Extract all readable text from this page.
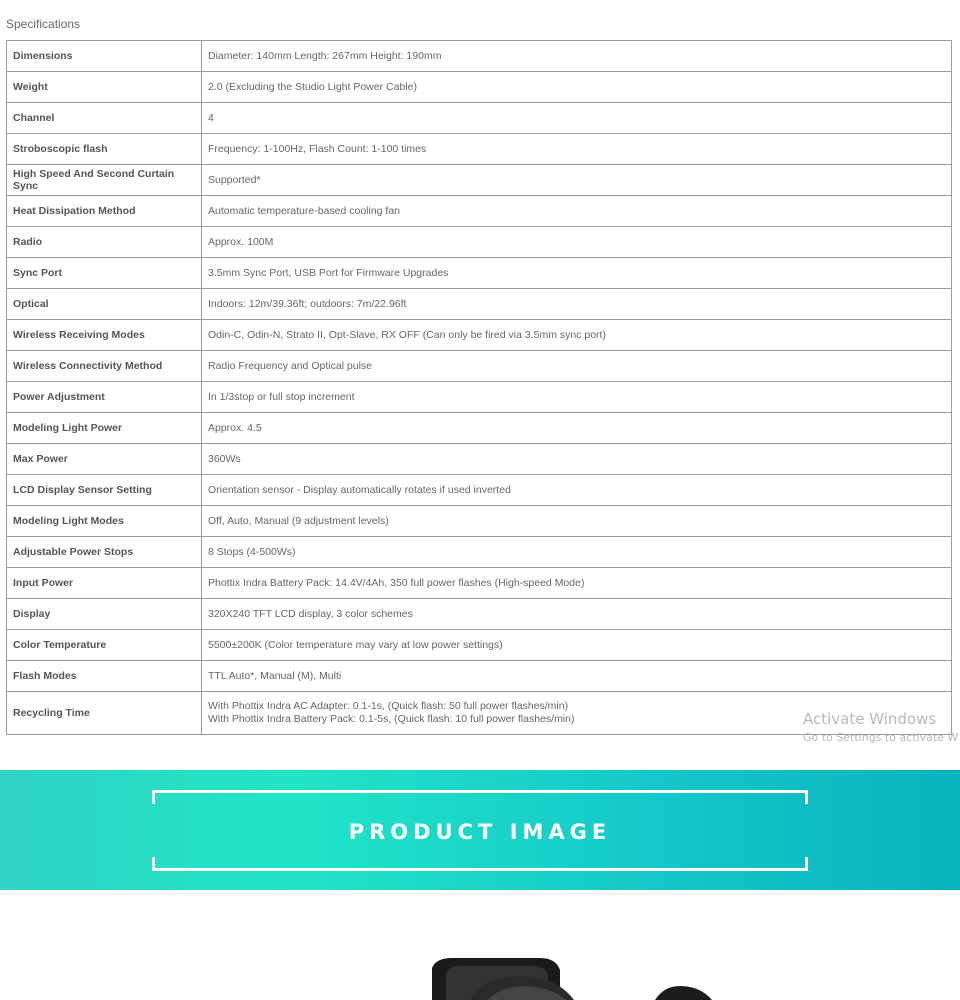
Specifications
Dimensions	Diameter: 140mm Length: 267mm Height: 190mm
Weight	2.0 (Excluding the Studio Light Power Cable)
Channel	4
Stroboscopic flash	Frequency: 1-100Hz, Flash Count: 1-100 times
High Speed And Second Curtain Sync	Supported*
Heat Dissipation Method	Automatic temperature-based cooling fan
Radio	Approx. 100M
Sync Port	3.5mm Sync Port, USB Port for Firmware Upgrades
Optical	Indoors: 12m/39.36ft; outdoors: 7m/22.96ft
Wireless Receiving Modes	Odin-C, Odin-N, Strato II, Opt-Slave, RX OFF (Can only be fired via 3.5mm sync port)
Wireless Connectivity Method	Radio Frequency and Optical pulse
Power Adjustment	In 1/3stop or full stop increment
Modeling Light Power	Approx. 4.5
Max Power	360Ws
LCD Display Sensor Setting	Orientation sensor - Display automatically rotates if used inverted
Modeling Light Modes	Off, Auto, Manual (9 adjustment levels)
Adjustable Power Stops	8 Stops (4-500Ws)
Input Power	Phottix Indra Battery Pack: 14.4V/4Ah, 350 full power flashes (High-speed Mode)
Display	320X240 TFT LCD display, 3 color schemes
Color Temperature	5500±200K (Color temperature may vary at low power settings)
Flash Modes	TTL Auto*, Manual (M), Multi
Recycling Time	With Phottix Indra AC Adapter: 0.1-1s, (Quick flash: 50 full power flashes/min)
With Phottix Indra Battery Pack: 0.1-5s, (Quick flash: 10 full power flashes/min)	Activate Windows
Go to Settings to activate W
PRODUCT IMAGE
